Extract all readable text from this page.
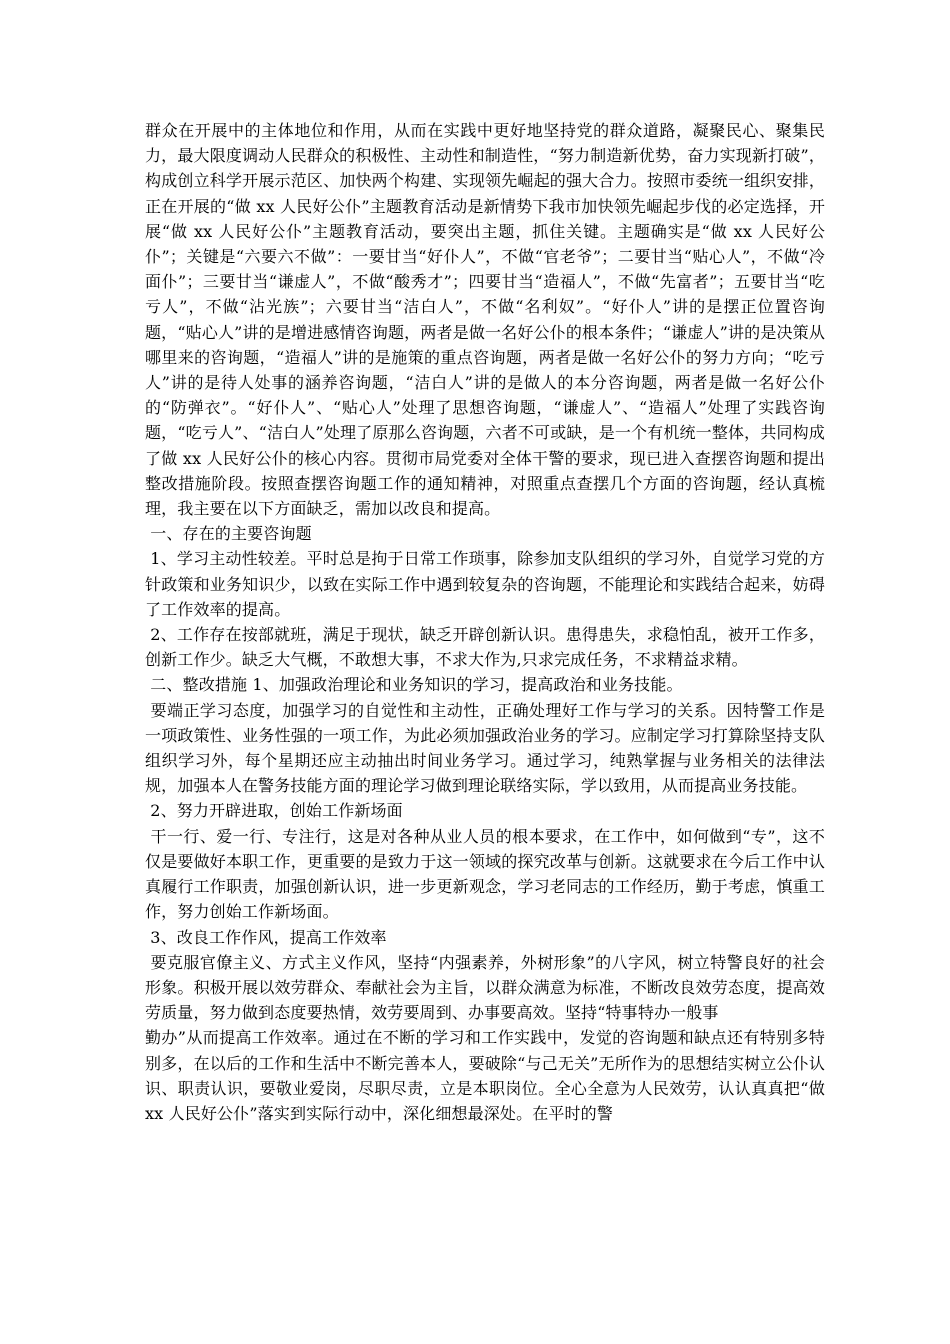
群众在开展中的主体地位和作用，从而在实践中更好地坚持党的群众道路，凝聚民心、聚集民力，最大限度调动人民群众的积极性、主动性和制造性，“努力制造新优势，奋力实现新打破”，构成创立科学开展示范区、加快两个构建、实现领先崛起的强大合力。按照市委统一组织安排，正在开展的“做 xx 人民好公仆”主题教育活动是新情势下我市加快领先崛起步伐的必定选择，开展“做 xx 人民好公仆”主题教育活动，要突出主题，抓住关键。主题确实是“做 xx 人民好公仆”；关键是“六要六不做”：一要甘当“好仆人”，不做“官老爷”；二要甘当“贴心人”，不做“冷面仆”；三要甘当“谦虚人”，不做“酸秀才”；四要甘当“造福人”，不做“先富者”；五要甘当“吃亏人”，不做“沾光族”；六要甘当“洁白人”，不做“名利奴”。“好仆人”讲的是摆正位置咨询题，“贴心人”讲的是增进感情咨询题，两者是做一名好公仆的根本条件；“谦虚人”讲的是决策从哪里来的咨询题，“造福人”讲的是施策的重点咨询题，两者是做一名好公仆的努力方向；“吃亏人”讲的是待人处事的涵养咨询题，“洁白人”讲的是做人的本分咨询题，两者是做一名好公仆的“防弹衣”。“好仆人”、“贴心人”处理了思想咨询题，“谦虚人”、“造福人”处理了实践咨询题，“吃亏人”、“洁白人”处理了原那么咨询题，六者不可或缺，是一个有机统一整体，共同构成了做 xx 人民好公仆的核心内容。贯彻市局党委对全体干警的要求，现已进入查摆咨询题和提出整改措施阶段。按照查摆咨询题工作的通知精神，对照重点查摆几个方面的咨询题，经认真梳理，我主要在以下方面缺乏，需加以改良和提高。

一、存在的主要咨询题

1、学习主动性较差。平时总是拘于日常工作琐事，除参加支队组织的学习外，自觉学习党的方针政策和业务知识少，以致在实际工作中遇到较复杂的咨询题，不能理论和实践结合起来，妨碍了工作效率的提高。

2、工作存在按部就班，满足于现状，缺乏开辟创新认识。患得患失，求稳怕乱，被开工作多，创新工作少。缺乏大气概，不敢想大事，不求大作为,只求完成任务，不求精益求精。

二、整改措施 1、加强政治理论和业务知识的学习，提高政治和业务技能。

要端正学习态度，加强学习的自觉性和主动性，正确处理好工作与学习的关系。因特警工作是一项政策性、业务性强的一项工作，为此必须加强政治业务的学习。应制定学习打算除坚持支队组织学习外，每个星期还应主动抽出时间业务学习。通过学习，纯熟掌握与业务相关的法律法规，加强本人在警务技能方面的理论学习做到理论联络实际，学以致用，从而提高业务技能。

2、努力开辟进取，创始工作新场面

干一行、爱一行、专注行，这是对各种从业人员的根本要求，在工作中，如何做到“专”，这不仅是要做好本职工作，更重要的是致力于这一领域的探究改革与创新。这就要求在今后工作中认真履行工作职责，加强创新认识，进一步更新观念，学习老同志的工作经历，勤于考虑，慎重工作，努力创始工作新场面。

3、改良工作作风，提高工作效率

要克服官僚主义、方式主义作风，坚持“内强素养，外树形象”的八字风，树立特警良好的社会形象。积极开展以效劳群众、奉献社会为主旨，以群众满意为标准，不断改良效劳态度，提高效劳质量，努力做到态度要热情，效劳要周到、办事要高效。坚持“特事特办一般事

勤办”从而提高工作效率。通过在不断的学习和工作实践中，发觉的咨询题和缺点还有特别多特别多，在以后的工作和生活中不断完善本人，要破除“与己无关”无所作为的思想结实树立公仆认识、职责认识，要敬业爱岗，尽职尽责，立是本职岗位。全心全意为人民效劳，认认真真把“做 xx 人民好公仆”落实到实际行动中，深化细想最深处。在平时的警
